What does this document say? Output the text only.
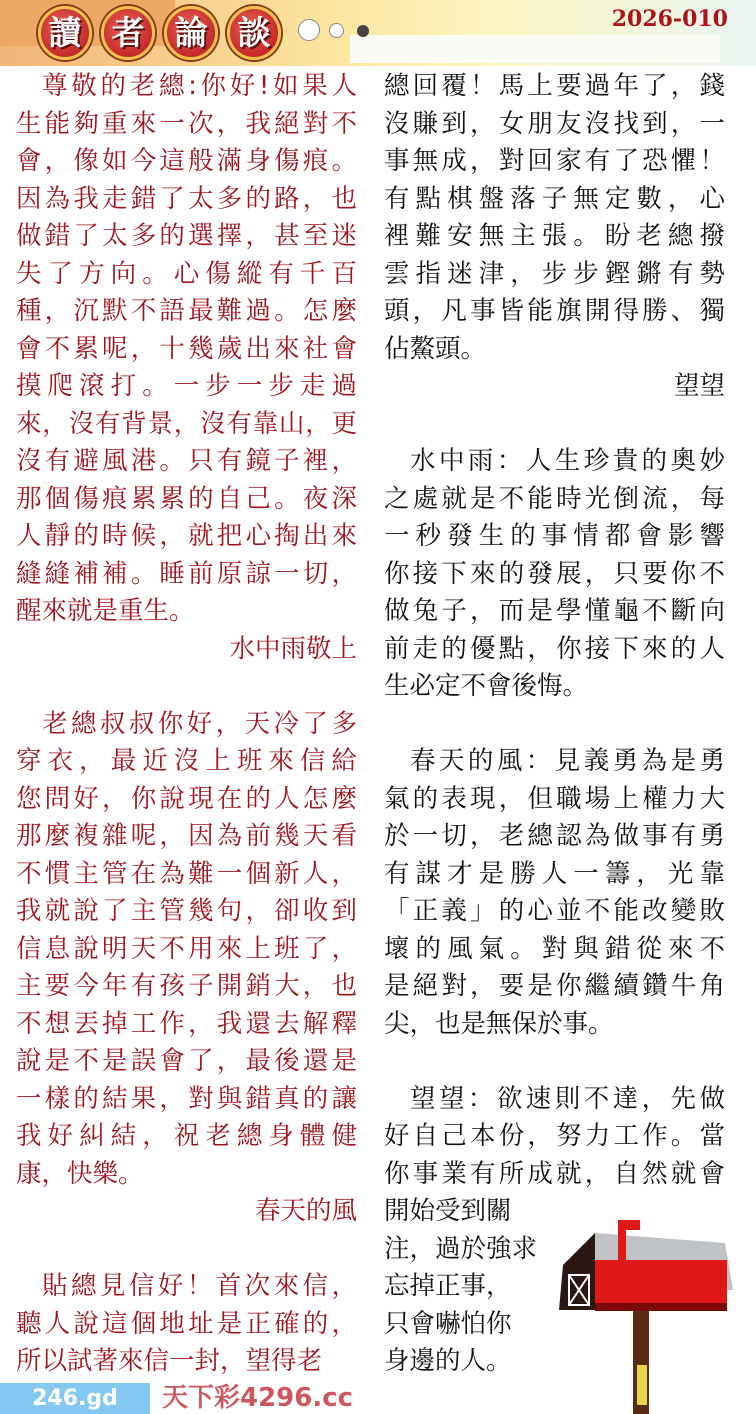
讀 者 論 談	2026-010
尊敬的老總:你好!如果人
生能夠重來一次，我絕對不
會，像如今這般滿身傷痕。
因為我走錯了太多的路，也
做錯了太多的選擇，甚至迷
失了方向。心傷縱有千百
種，沉默不語最難過。怎麼
會不累呢，十幾歲出來社會
摸爬滾打。一步一步走過
來，沒有背景，沒有靠山，更
沒有避風港。只有鏡子裡，
那個傷痕累累的自己。夜深
人靜的時候，就把心掏出來
縫縫補補。睡前原諒一切，
醒來就是重生。
水中雨敬上
老總叔叔你好，天冷了多
穿衣，最近沒上班來信給
您問好，你說現在的人怎麼
那麼複雜呢，因為前幾天看
不慣主管在為難一個新人，
我就說了主管幾句，卻收到
信息說明天不用來上班了，
主要今年有孩子開銷大，也
不想丟掉工作，我還去解釋
說是不是誤會了，最後還是
一樣的結果，對與錯真的讓
我好糾結，祝老總身體健
康，快樂。
春天的風
貼總見信好！首次來信，
聽人說這個地址是正確的，
所以試著來信一封，望得老
總回覆！馬上要過年了，錢
沒賺到，女朋友沒找到，一
事無成，對回家有了恐懼！
有點棋盤落子無定數，心
裡難安無主張。盼老總撥
雲指迷津，步步鏗鏘有勢
頭，凡事皆能旗開得勝、獨
佔鰲頭。
望望
水中雨：人生珍貴的奧妙
之處就是不能時光倒流，每
一秒發生的事情都會影響
你接下來的發展，只要你不
做兔子，而是學懂龜不斷向
前走的優點，你接下來的人
生必定不會後悔。
春天的風：見義勇為是勇
氣的表現，但職場上權力大
於一切，老總認為做事有勇
有謀才是勝人一籌，光靠
「正義」的心並不能改變敗
壞的風氣。對與錯從來不
是絕對，要是你繼續鑽牛角
尖，也是無保於事。
望望：欲速則不達，先做
好自己本份，努力工作。當
你事業有所成就，自然就會
開始受到關
注，過於強求
忘掉正事，
只會嚇怕你
身邊的人。
246.gd	天下彩4296.cc
